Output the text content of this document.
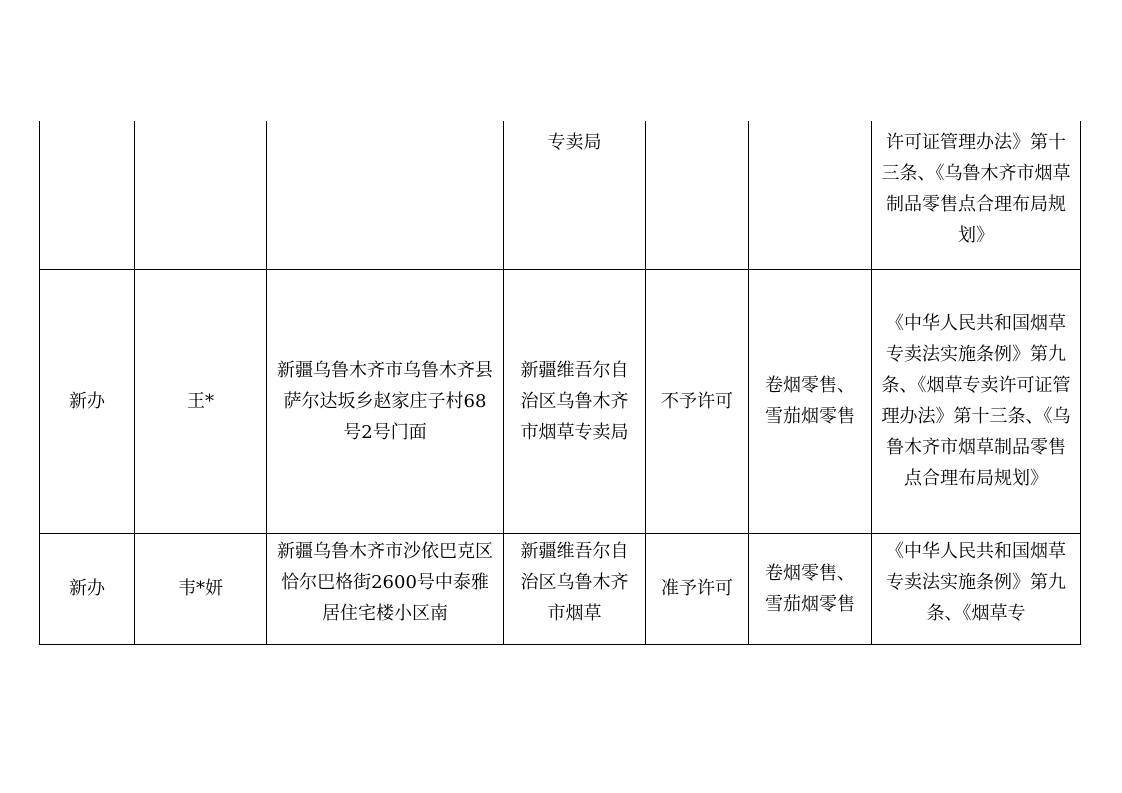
			专卖局			许可证管理办法》第十三条、《乌鲁木齐市烟草制品零售点合理布局规划》
新办	王*	新疆乌鲁木齐市乌鲁木齐县萨尔达坂乡赵家庄子村68号2号门面	新疆维吾尔自治区乌鲁木齐市烟草专卖局	不予许可	卷烟零售、雪茄烟零售	《中华人民共和国烟草专卖法实施条例》第九条、《烟草专卖许可证管理办法》第十三条、《乌鲁木齐市烟草制品零售点合理布局规划》
新办	韦*妍	新疆乌鲁木齐市沙依巴克区恰尔巴格街2600号中泰雅居住宅楼小区南	新疆维吾尔自治区乌鲁木齐市烟草	准予许可	卷烟零售、雪茄烟零售	《中华人民共和国烟草专卖法实施条例》第九条、《烟草专
